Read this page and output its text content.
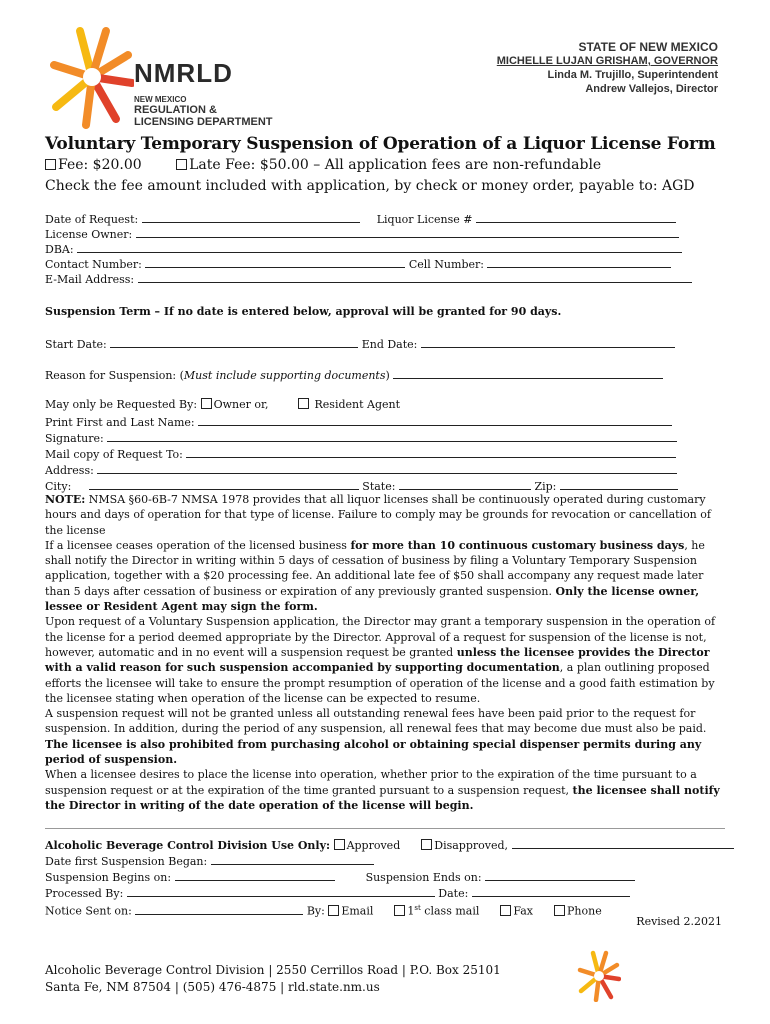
NMRLD
NEW MEXICO
REGULATION &
LICENSING DEPARTMENT
STATE OF NEW MEXICO
MICHELLE LUJAN GRISHAM, GOVERNOR
Linda M. Trujillo, Superintendent
Andrew Vallejos, Director
Voluntary Temporary Suspension of Operation of a Liquor License Form
Fee: $20.00	Late Fee: $50.00 – All application fees are non-refundable
Check the fee amount included with application, by check or money order, payable to: AGD
Date of Request:	Liquor License #
License Owner:
DBA:
Contact Number:	Cell Number:
E-Mail Address:
Suspension Term – If no date is entered below, approval will be granted for 90 days.
Start Date:	End Date:
Reason for Suspension: (Must include supporting documents)
May only be Requested By: Owner or,	Resident Agent
Print First and Last Name:
Signature:
Mail copy of Request To:
Address:
City:	State:	Zip:
NOTE: NMSA §60-6B-7 NMSA 1978 provides that all liquor licenses shall be continuously operated during customary hours and days of operation for that type of license. Failure to comply may be grounds for revocation or cancellation of the license
If a licensee ceases operation of the licensed business for more than 10 continuous customary business days, he shall notify the Director in writing within 5 days of cessation of business by filing a Voluntary Temporary Suspension application, together with a $20 processing fee. An additional late fee of $50 shall accompany any request made later than 5 days after cessation of business or expiration of any previously granted suspension. Only the license owner, lessee or Resident Agent may sign the form.
Upon request of a Voluntary Suspension application, the Director may grant a temporary suspension in the operation of the license for a period deemed appropriate by the Director. Approval of a request for suspension of the license is not, however, automatic and in no event will a suspension request be granted unless the licensee provides the Director with a valid reason for such suspension accompanied by supporting documentation, a plan outlining proposed efforts the licensee will take to ensure the prompt resumption of operation of the license and a good faith estimation by the licensee stating when operation of the license can be expected to resume.
A suspension request will not be granted unless all outstanding renewal fees have been paid prior to the request for suspension. In addition, during the period of any suspension, all renewal fees that may become due must also be paid. The licensee is also prohibited from purchasing alcohol or obtaining special dispenser permits during any period of suspension.
When a licensee desires to place the license into operation, whether prior to the expiration of the time pursuant to a suspension request or at the expiration of the time granted pursuant to a suspension request, the licensee shall notify the Director in writing of the date operation of the license will begin.
Alcoholic Beverage Control Division Use Only: Approved	Disapproved,
Date first Suspension Began:
Suspension Begins on:	Suspension Ends on:
Processed By:	Date:
Notice Sent on:	By: Email	1st class mail	Fax	Phone
Revised 2.2021
Alcoholic Beverage Control Division | 2550 Cerrillos Road | P.O. Box 25101
Santa Fe, NM 87504 | (505) 476-4875 | rld.state.nm.us
